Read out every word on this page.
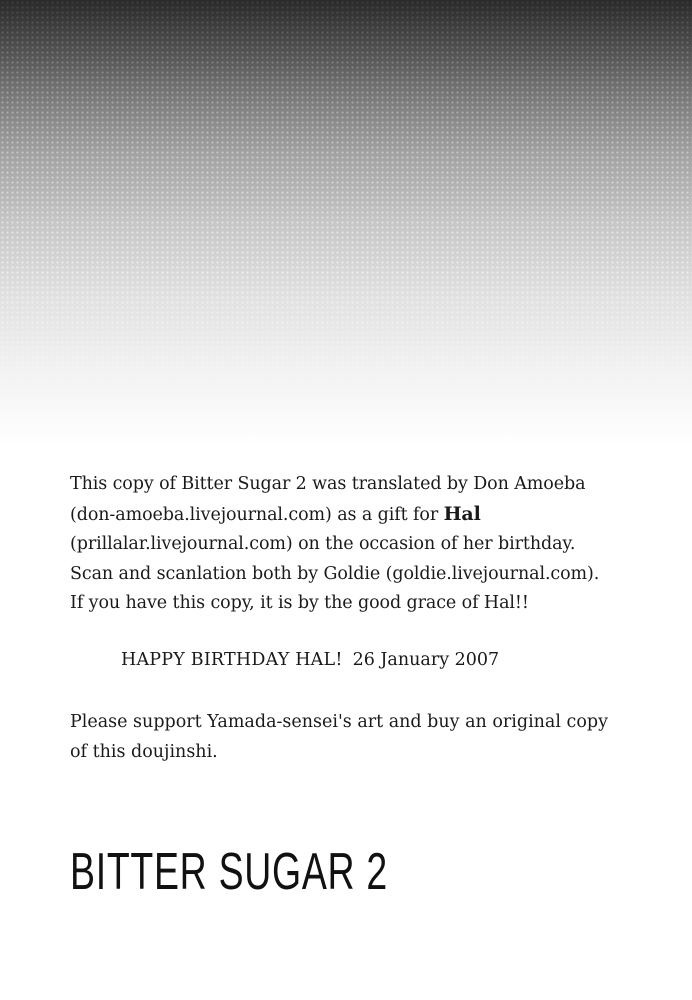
This copy of Bitter Sugar 2 was translated by Don Amoeba
(don-amoeba.livejournal.com) as a gift for Hal
(prillalar.livejournal.com) on the occasion of her birthday.
Scan and scanlation both by Goldie (goldie.livejournal.com).
If you have this copy, it is by the good grace of Hal!!
HAPPY BIRTHDAY HAL! 26 January 2007
Please support Yamada-sensei's art and buy an original copy
of this doujinshi.
BITTER SUGAR 2
